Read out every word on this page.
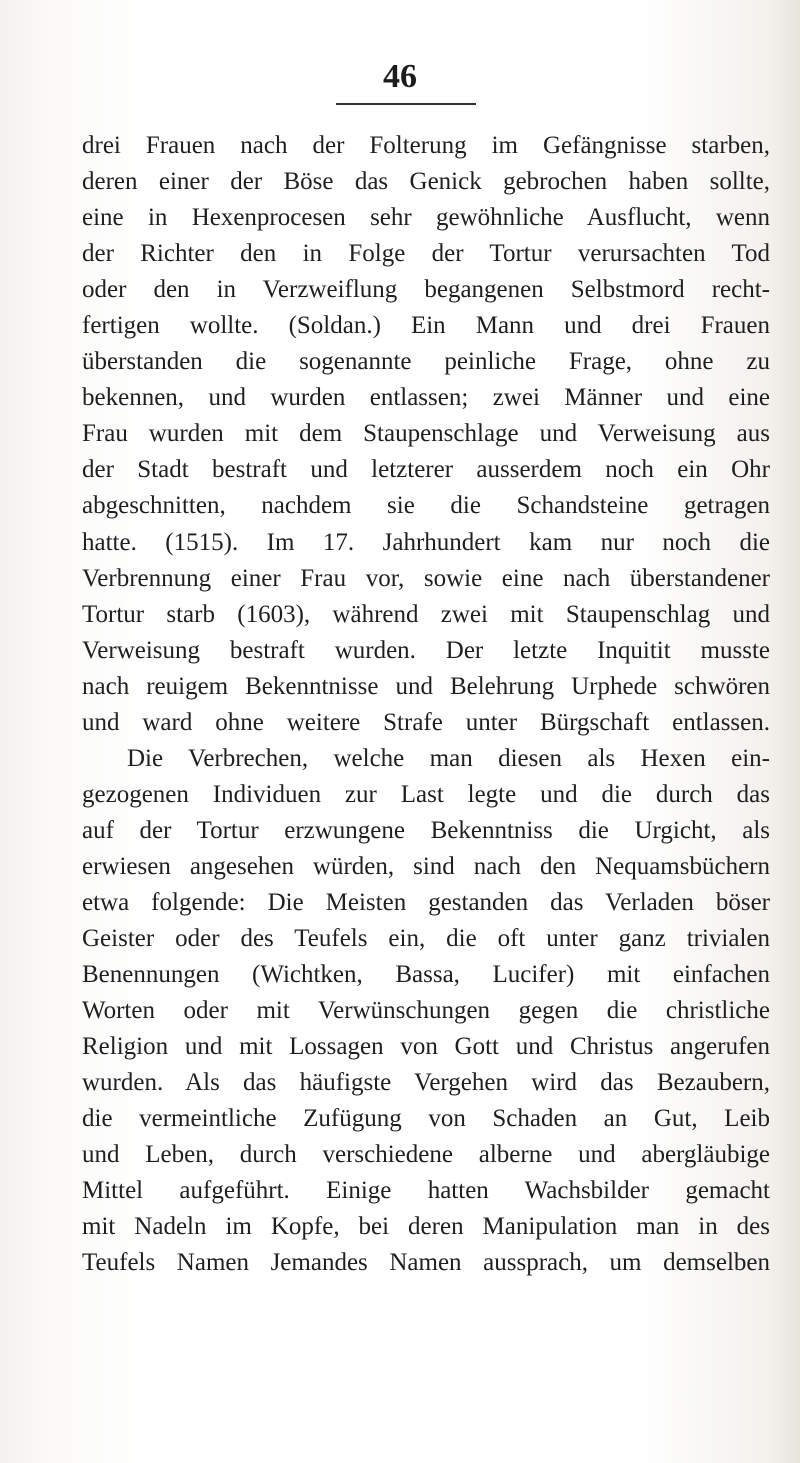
46
drei Frauen nach der Folterung im Gefängnisse starben,
deren einer der Böse das Genick gebrochen haben sollte,
eine in Hexenprocesen sehr gewöhnliche Ausflucht, wenn
der Richter den in Folge der Tortur verursachten Tod
oder den in Verzweiflung begangenen Selbstmord recht-
fertigen wollte. (Soldan.) Ein Mann und drei Frauen
überstanden die sogenannte peinliche Frage, ohne zu
bekennen, und wurden entlassen; zwei Männer und eine
Frau wurden mit dem Staupenschlage und Verweisung aus
der Stadt bestraft und letzterer ausserdem noch ein Ohr
abgeschnitten, nachdem sie die Schandsteine getragen
hatte. (1515). Im 17. Jahrhundert kam nur noch die
Verbrennung einer Frau vor, sowie eine nach überstandener
Tortur starb (1603), während zwei mit Staupenschlag und
Verweisung bestraft wurden. Der letzte Inquitit musste
nach reuigem Bekenntnisse und Belehrung Urphede schwören
und ward ohne weitere Strafe unter Bürgschaft entlassen.
Die Verbrechen, welche man diesen als Hexen ein-
gezogenen Individuen zur Last legte und die durch das
auf der Tortur erzwungene Bekenntniss die Urgicht, als
erwiesen angesehen würden, sind nach den Nequamsbüchern
etwa folgende: Die Meisten gestanden das Verladen böser
Geister oder des Teufels ein, die oft unter ganz trivialen
Benennungen (Wichtken, Bassa, Lucifer) mit einfachen
Worten oder mit Verwünschungen gegen die christliche
Religion und mit Lossagen von Gott und Christus angerufen
wurden. Als das häufigste Vergehen wird das Bezaubern,
die vermeintliche Zufügung von Schaden an Gut, Leib
und Leben, durch verschiedene alberne und abergläubige
Mittel aufgeführt. Einige hatten Wachsbilder gemacht
mit Nadeln im Kopfe, bei deren Manipulation man in des
Teufels Namen Jemandes Namen aussprach, um demselben
